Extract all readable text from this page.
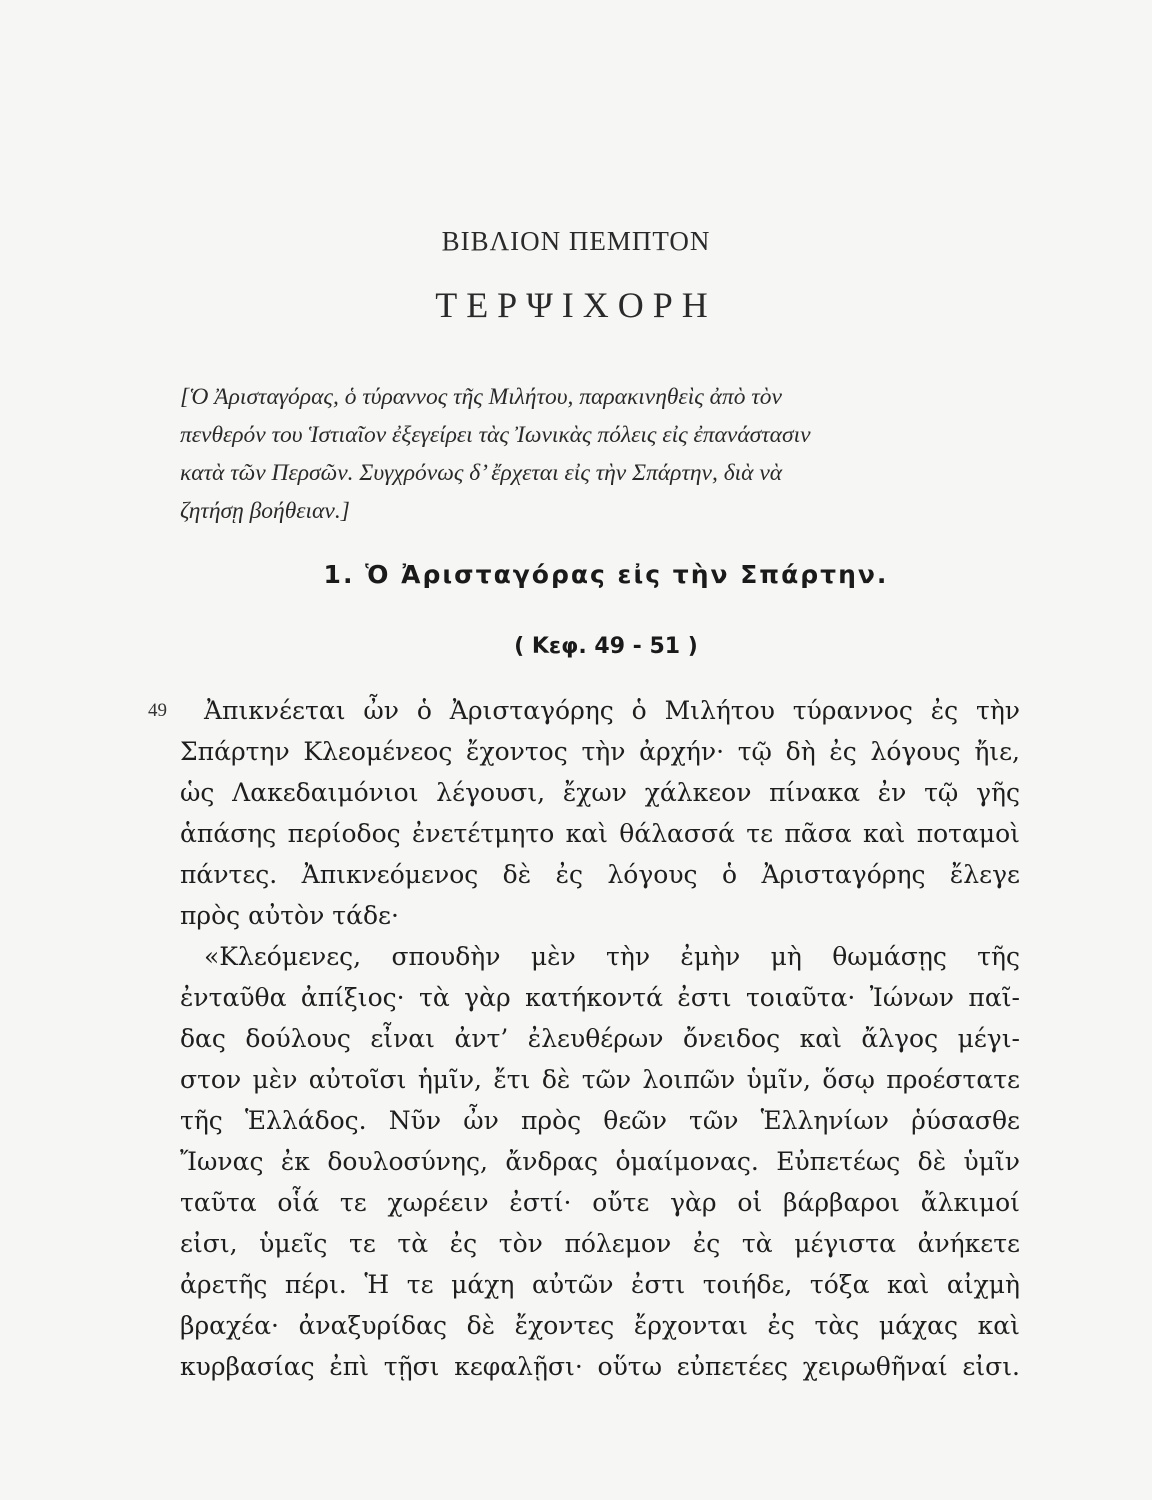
ΒΙΒΛΙΟΝ ΠΕΜΠΤΟΝ
ΤΕΡΨΙΧΟΡΗ
[Ὁ Ἀρισταγόρας, ὁ τύραννος τῆς Μιλήτου, παρακινηθεὶς ἀπὸ τὸν
πενθερόν του Ἱστιαῖον ἐξεγείρει τὰς Ἰωνικὰς πόλεις εἰς ἐπανάστασιν
κατὰ τῶν Περσῶν. Συγχρόνως δ’ ἔρχεται εἰς τὴν Σπάρτην, διὰ νὰ
ζητήσῃ βοήθειαν.]
1. Ὁ Ἀρισταγόρας εἰς τὴν Σπάρτην.
( Κεφ. 49 - 51 )
49	Ἀπικνέεται ὦν ὁ Ἀρισταγόρης ὁ Μιλήτου τύραννος ἐς τὴν
Σπάρτην Κλεομένεος ἔχοντος τὴν ἀρχήν· τῷ δὴ ἐς λόγους ἤιε,
ὡς Λακεδαιμόνιοι λέγουσι, ἔχων χάλκεον πίνακα ἐν τῷ γῆς
ἁπάσης περίοδος ἐνετέτμητο καὶ θάλασσά τε πᾶσα καὶ ποταμοὶ
πάντες. Ἀπικνεόμενος δὲ ἐς λόγους ὁ Ἀρισταγόρης ἔλεγε
πρὸς αὐτὸν τάδε·
«Κλεόμενες, σπουδὴν μὲν τὴν ἐμὴν μὴ θωμάσῃς τῆς
ἐνταῦθα ἀπίξιος· τὰ γὰρ κατήκοντά ἐστι τοιαῦτα· Ἰώνων παῖ-
δας δούλους εἶναι ἀντ’ ἐλευθέρων ὄνειδος καὶ ἄλγος μέγι-
στον μὲν αὐτοῖσι ἡμῖν, ἔτι δὲ τῶν λοιπῶν ὑμῖν, ὅσῳ προέστατε
τῆς Ἑλλάδος. Νῦν ὦν πρὸς θεῶν τῶν Ἑλληνίων ῥύσασθε
Ἴωνας ἐκ δουλοσύνης, ἄνδρας ὁμαίμονας. Εὐπετέως δὲ ὑμῖν
ταῦτα οἷά τε χωρέειν ἐστί· οὔτε γὰρ οἱ βάρβαροι ἄλκιμοί
εἰσι, ὑμεῖς τε τὰ ἐς τὸν πόλεμον ἐς τὰ μέγιστα ἀνήκετε
ἀρετῆς πέρι. Ἡ τε μάχη αὐτῶν ἐστι τοιήδε, τόξα καὶ αἰχμὴ
βραχέα· ἀναξυρίδας δὲ ἔχοντες ἔρχονται ἐς τὰς μάχας καὶ
κυρβασίας ἐπὶ τῇσι κεφαλῇσι· οὕτω εὐπετέες χειρωθῆναί εἰσι.
